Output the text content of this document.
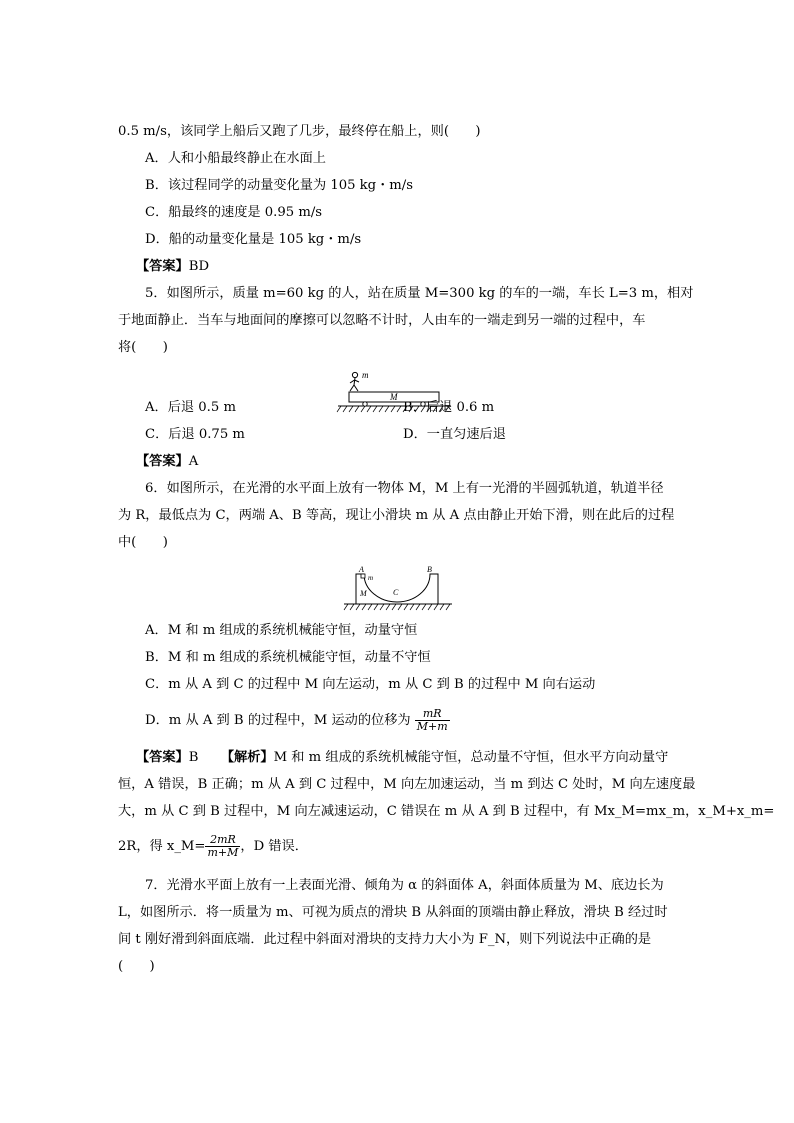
0.5 m/s，该同学上船后又跑了几步，最终停在船上，则(　　)
A．人和小船最终静止在水面上
B．该过程同学的动量变化量为 105 kg・m/s
C．船最终的速度是 0.95 m/s
D．船的动量变化量是 105 kg・m/s
【答案】BD
5．如图所示，质量 m=60 kg 的人，站在质量 M=300 kg 的车的一端，车长 L=3 m，相对
于地面静止．当车与地面间的摩擦可以忽略不计时，人由车的一端走到另一端的过程中，车
将(　　)
m
M
A．后退 0.5 m	B．后退 0.6 m
C．后退 0.75 m	D．一直匀速后退
【答案】A
6．如图所示，在光滑的水平面上放有一物体 M，M 上有一光滑的半圆弧轨道，轨道半径
为 R，最低点为 C，两端 A、B 等高，现让小滑块 m 从 A 点由静止开始下滑，则在此后的过程
中(　　)
A	B
m
M	C
A．M 和 m 组成的系统机械能守恒，动量守恒
B．M 和 m 组成的系统机械能守恒，动量不守恒
C．m 从 A 到 C 的过程中 M 向左运动，m 从 C 到 B 的过程中 M 向右运动
D．m 从 A 到 B 的过程中，M 运动的位移为 $\frac{mR}{M+m}$
【答案】B 【解析】M 和 m 组成的系统机械能守恒，总动量不守恒，但水平方向动量守
恒，A 错误，B 正确；m 从 A 到 C 过程中，M 向左加速运动，当 m 到达 C 处时，M 向左速度最
大，m 从 C 到 B 过程中，M 向左减速运动，C 错误在 m 从 A 到 B 过程中，有 Mx_M=mx_m，x_M+x_m=
2R，得 x_M= $\frac{2mR}{m+M}$ ，D 错误．
7．光滑水平面上放有一上表面光滑、倾角为 α 的斜面体 A，斜面体质量为 M、底边长为
L，如图所示．将一质量为 m、可视为质点的滑块 B 从斜面的顶端由静止释放，滑块 B 经过时
间 t 刚好滑到斜面底端．此过程中斜面对滑块的支持力大小为 F_N，则下列说法中正确的是
(　　)
